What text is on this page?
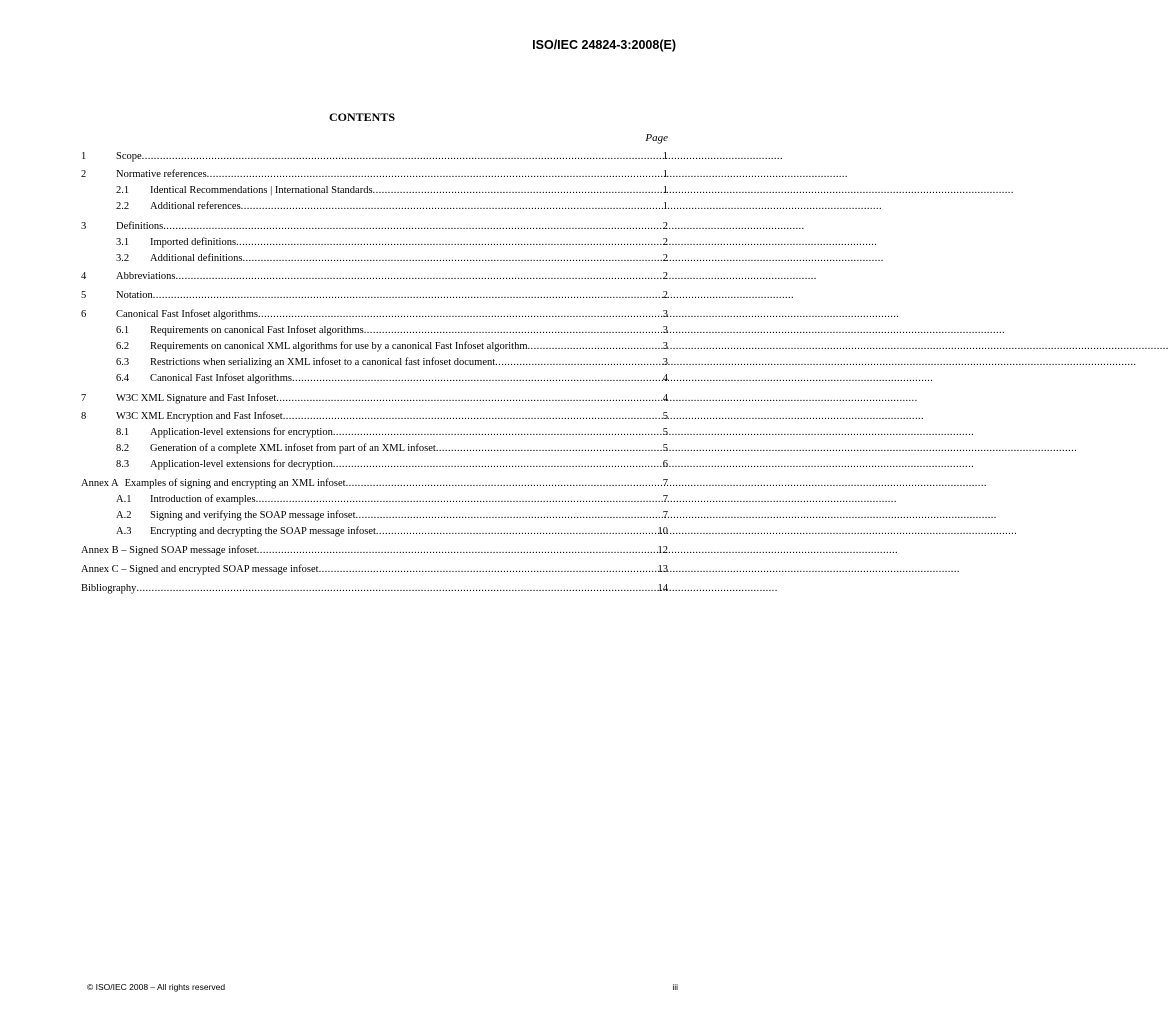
ISO/IEC 24824-3:2008(E)
CONTENTS
Page
1	Scope .....	1
2	Normative references .....	1
2.1	Identical Recommendations | International Standards .....	1
2.2	Additional references .....	1
3	Definitions .....	2
3.1	Imported definitions .....	2
3.2	Additional definitions .....	2
4	Abbreviations .....	2
5	Notation .....	2
6	Canonical Fast Infoset algorithms .....	3
6.1	Requirements on canonical Fast Infoset algorithms .....	3
6.2	Requirements on canonical XML algorithms for use by a canonical Fast Infoset algorithm .....	3
6.3	Restrictions when serializing an XML infoset to a canonical fast infoset document .....	3
6.4	Canonical Fast Infoset algorithms .....	4
7	W3C XML Signature and Fast Infoset .....	4
8	W3C XML Encryption and Fast Infoset .....	5
8.1	Application-level extensions for encryption .....	5
8.2	Generation of a complete XML infoset from part of an XML infoset .....	5
8.3	Application-level extensions for decryption .....	6
Annex A Examples of signing and encrypting an XML infoset .....	7
A.1	Introduction of examples .....	7
A.2	Signing and verifying the SOAP message infoset .....	7
A.3	Encrypting and decrypting the SOAP message infoset .....	10
Annex B – Signed SOAP message infoset .....	12
Annex C – Signed and encrypted SOAP message infoset .....	13
Bibliography .....	14
© ISO/IEC 2008 – All rights reserved	iii
